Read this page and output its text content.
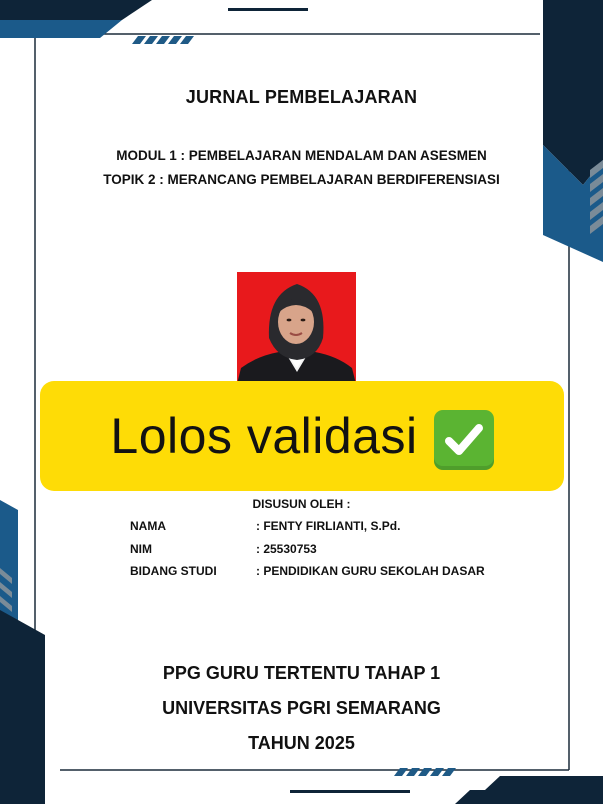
JURNAL PEMBELAJARAN
MODUL 1 : PEMBELAJARAN MENDALAM DAN ASESMEN
TOPIK 2 : MERANCANG PEMBELAJARAN BERDIFERENSIASI
Lolos validasi
DISUSUN OLEH :
NAMA	: FENTY FIRLIANTI, S.Pd.
NIM	: 25530753
BIDANG STUDI	: PENDIDIKAN GURU SEKOLAH DASAR
PPG GURU TERTENTU TAHAP 1
UNIVERSITAS PGRI SEMARANG
TAHUN 2025
